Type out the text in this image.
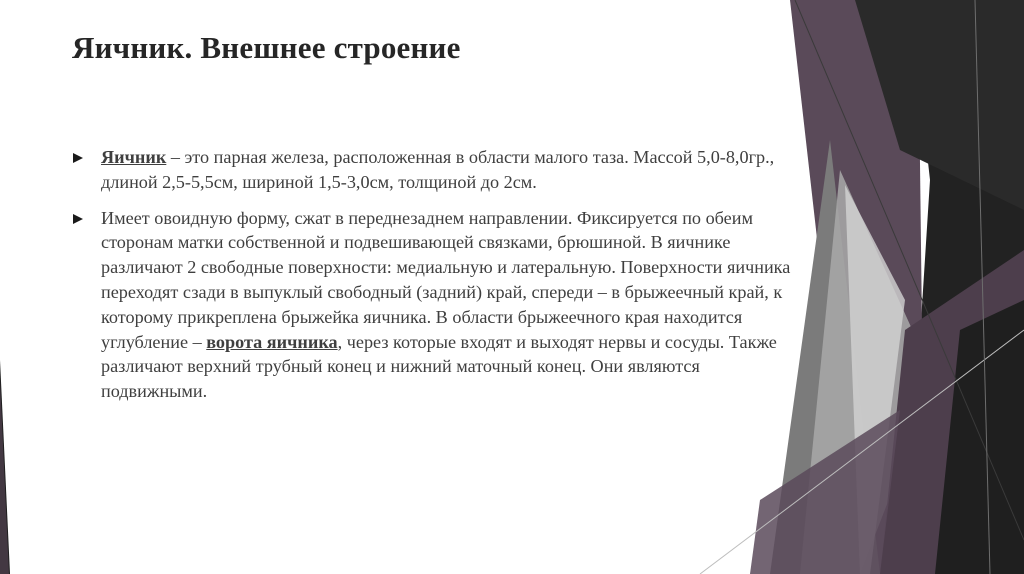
Яичник. Внешнее строение

Яичник – это парная железа, расположенная в области малого таза. Массой 5,0-8,0гр., длиной 2,5-5,5см, шириной 1,5-3,0см, толщиной до 2см.

Имеет овоидную форму, сжат в переднезаднем направлении. Фиксируется по обеим сторонам матки собственной и подвешивающей связками, брюшиной. В яичнике различают 2 свободные поверхности: медиальную и латеральную. Поверхности яичника переходят сзади в выпуклый свободный (задний) край, спереди – в брыжеечный край, к которому прикреплена брыжейка яичника. В области брыжеечного края находится углубление – ворота яичника, через которые входят и выходят нервы и сосуды. Также различают верхний трубный конец и нижний маточный конец. Они являются подвижными.
